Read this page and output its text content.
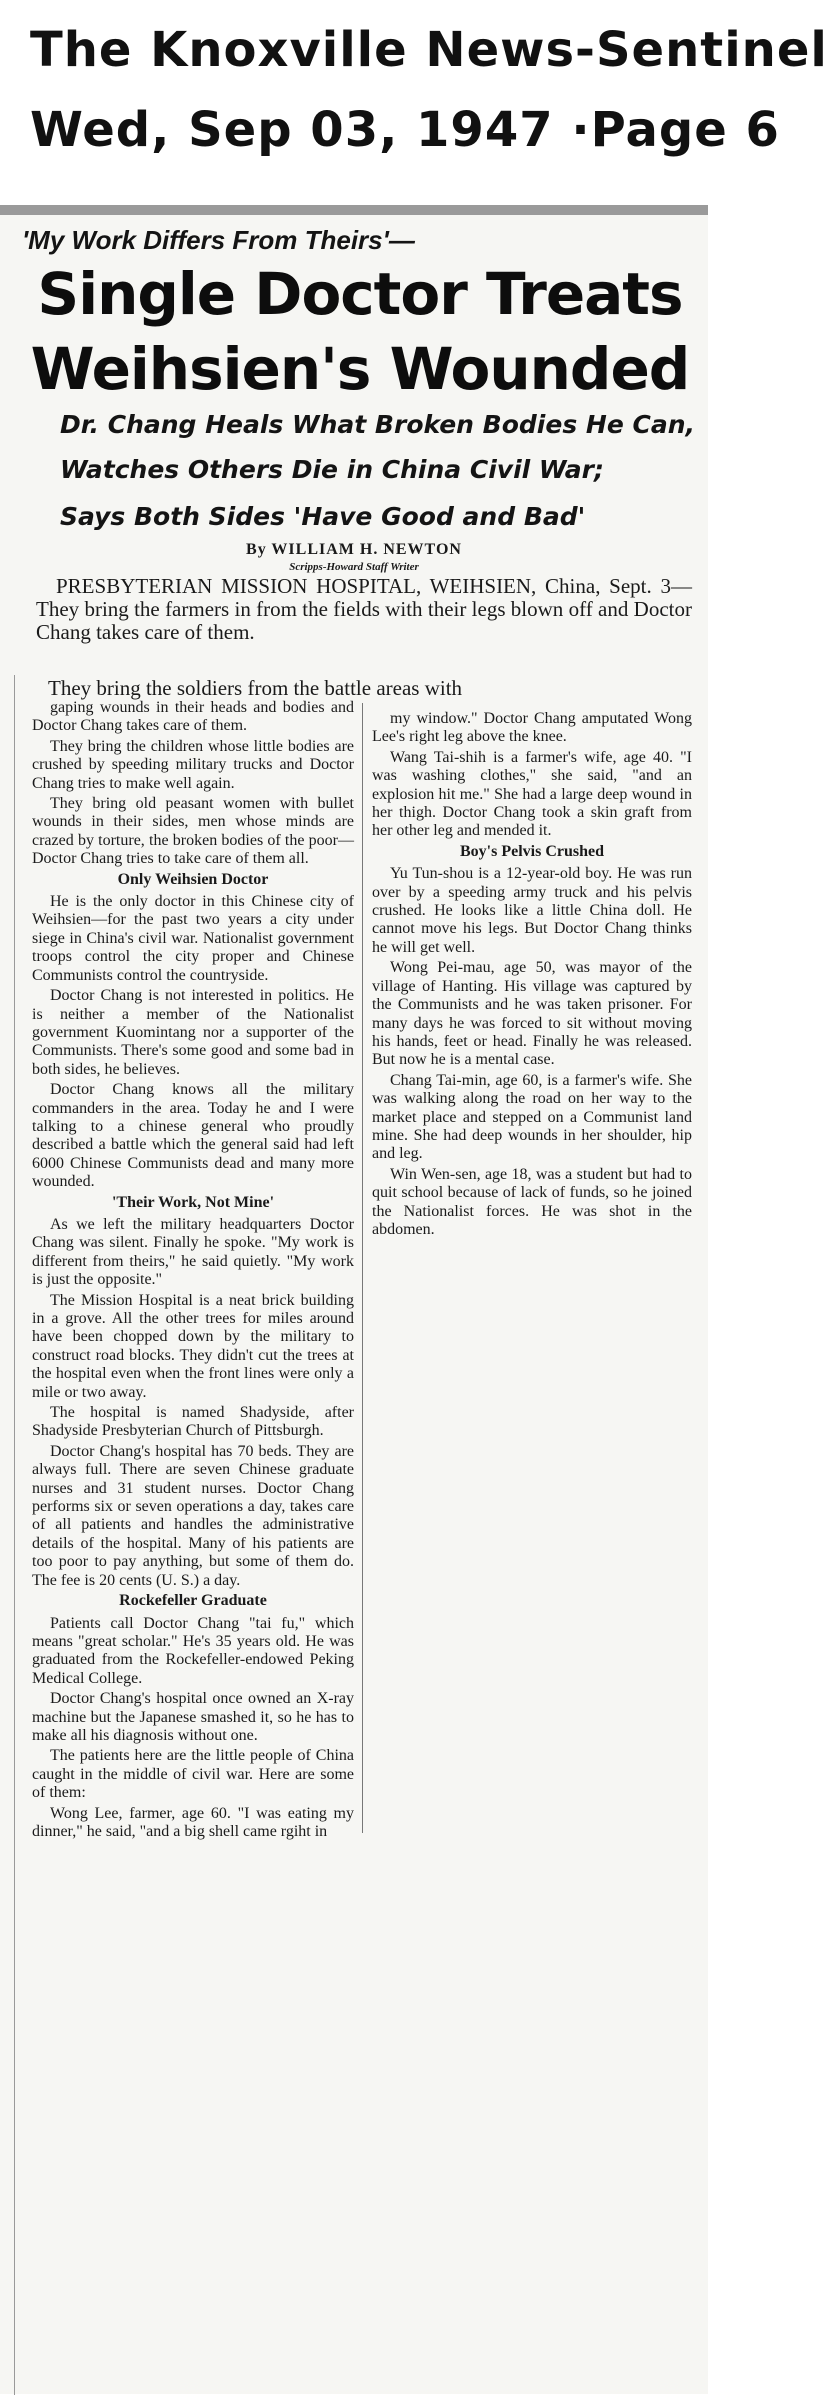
The Knoxville News-Sentinel
Wed, Sep 03, 1947 ·Page 6
'My Work Differs From Theirs'—
Single Doctor Treats
Weihsien's Wounded
Dr. Chang Heals What Broken Bodies He Can,
Watches Others Die in China Civil War;
Says Both Sides 'Have Good and Bad'
By WILLIAM H. NEWTON
Scripps-Howard Staff Writer
PRESBYTERIAN MISSION HOSPITAL, WEIHSIEN, China, Sept. 3—They bring the farmers in from the fields with their legs blown off and Doctor Chang takes care of them.
They bring the soldiers from the battle areas with

gaping wounds in their heads and bodies and Doctor Chang takes care of them.

They bring the children whose little bodies are crushed by speeding military trucks and Doctor Chang tries to make well again.

They bring old peasant women with bullet wounds in their sides, men whose minds are crazed by torture, the broken bodies of the poor—Doctor Chang tries to take care of them all.

Only Weihsien Doctor

He is the only doctor in this Chinese city of Weihsien—for the past two years a city under siege in China's civil war. Nationalist government troops control the city proper and Chinese Communists control the countryside.

Doctor Chang is not interested in politics. He is neither a member of the Nationalist government Kuomintang nor a supporter of the Communists. There's some good and some bad in both sides, he believes.

Doctor Chang knows all the military commanders in the area. Today he and I were talking to a chinese general who proudly described a battle which the general said had left 6000 Chinese Communists dead and many more wounded.

'Their Work, Not Mine'

As we left the military headquarters Doctor Chang was silent. Finally he spoke. "My work is different from theirs," he said quietly. "My work is just the opposite."

The Mission Hospital is a neat brick building in a grove. All the other trees for miles around have been chopped down by the military to construct road blocks. They didn't cut the trees at the hospital even when the front lines were only a mile or two away.

The hospital is named Shadyside, after Shadyside Presbyterian Church of Pittsburgh.

Doctor Chang's hospital has 70 beds. They are always full. There are seven Chinese graduate nurses and 31 student nurses. Doctor Chang performs six or seven operations a day, takes care of all patients and handles the administrative details of the hospital. Many of his patients are too poor to pay anything, but some of them do. The fee is 20 cents (U. S.) a day.

Rockefeller Graduate

Patients call Doctor Chang "tai fu," which means "great scholar." He's 35 years old. He was graduated from the Rockefeller-endowed Peking Medical College.

Doctor Chang's hospital once owned an X-ray machine but the Japanese smashed it, so he has to make all his diagnosis without one.

The patients here are the little people of China caught in the middle of civil war. Here are some of them:

Wong Lee, farmer, age 60. "I was eating my dinner," he said, "and a big shell came rgiht in

my window." Doctor Chang amputated Wong Lee's right leg above the knee.

Wang Tai-shih is a farmer's wife, age 40. "I was washing clothes," she said, "and an explosion hit me." She had a large deep wound in her thigh. Doctor Chang took a skin graft from her other leg and mended it.

Boy's Pelvis Crushed

Yu Tun-shou is a 12-year-old boy. He was run over by a speeding army truck and his pelvis crushed. He looks like a little China doll. He cannot move his legs. But Doctor Chang thinks he will get well.

Wong Pei-mau, age 50, was mayor of the village of Hanting. His village was captured by the Communists and he was taken prisoner. For many days he was forced to sit without moving his hands, feet or head. Finally he was released. But now he is a mental case.

Chang Tai-min, age 60, is a farmer's wife. She was walking along the road on her way to the market place and stepped on a Communist land mine. She had deep wounds in her shoulder, hip and leg.

Win Wen-sen, age 18, was a student but had to quit school because of lack of funds, so he joined the Nationalist forces. He was shot in the abdomen.
